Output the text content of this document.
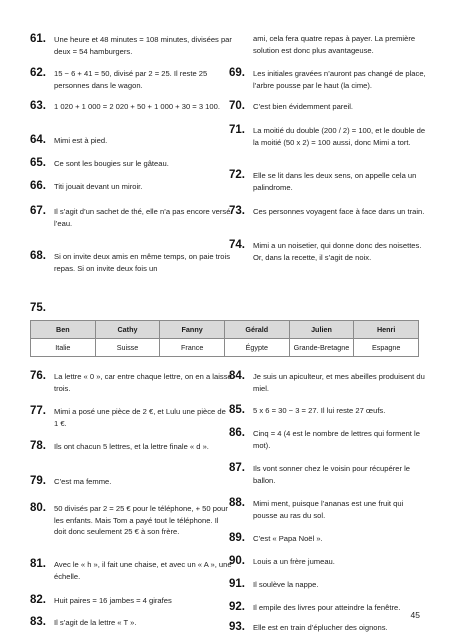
61.	Une heure et 48 minutes = 108 minutes, divisées par deux = 54 hamburgers.
62.	15 − 6 + 41 = 50, divisé par 2 = 25. Il reste 25 personnes dans le wagon.
63.	1 020 + 1 000 = 2 020 + 50 + 1 000 + 30 = 3 100.
64.	Mimi est à pied.
65.	Ce sont les bougies sur le gâteau.
66.	Titi jouait devant un miroir.
67.	Il s’agit d’un sachet de thé, elle n’a pas encore versé l’eau.
68.	Si on invite deux amis en même temps, on paie trois repas. Si on invite deux fois un
ami, cela fera quatre repas à payer. La première solution est donc plus avantageuse.
69.	Les initiales gravées n’auront pas changé de place, l’arbre pousse par le haut (la cime).
70.	C’est bien évidemment pareil.
71.	La moitié du double (200 / 2) = 100, et le double de la moitié (50 x 2) = 100 aussi, donc Mimi a tort.
72.	Elle se lit dans les deux sens, on appelle cela un palindrome.
73.	Ces personnes voyagent face à face dans un train.
74.	Mimi a un noisetier, qui donne donc des noisettes. Or, dans la recette, il s’agit de noix.
75.
Ben	Cathy	Fanny	Gérald	Julien	Henri
Italie	Suisse	France	Égypte	Grande-Bretagne	Espagne
76.	La lettre « 0 », car entre chaque lettre, on en a laissé trois.
77.	Mimi a posé une pièce de 2 €, et Lulu une pièce de 1 €.
78.	Ils ont chacun 5 lettres, et la lettre finale « d ».
79.	C’est ma femme.
80.	50 divisés par 2 = 25 € pour le téléphone, + 50 pour les enfants. Mais Tom a payé tout le téléphone. Il doit donc seulement 25 € à son frère.
81.	Avec le « h », il fait une chaise, et avec un « A », une échelle.
82.	Huit paires = 16 jambes = 4 girafes
83.	Il s’agit de la lettre « T ».
84.	Je suis un apiculteur, et mes abeilles produisent du miel.
85.	5 x 6 = 30 − 3 = 27. Il lui reste 27 œufs.
86.	Cinq = 4 (4 est le nombre de lettres qui forment le mot).
87.	Ils vont sonner chez le voisin pour récupérer le ballon.
88.	Mimi ment, puisque l’ananas est une fruit qui pousse au ras du sol.
89.	C’est « Papa Noël ».
90.	Louis a un frère jumeau.
91.	Il soulève la nappe.
92.	Il empile des livres pour atteindre la fenêtre.
93.	Elle est en train d’éplucher des oignons.
45
